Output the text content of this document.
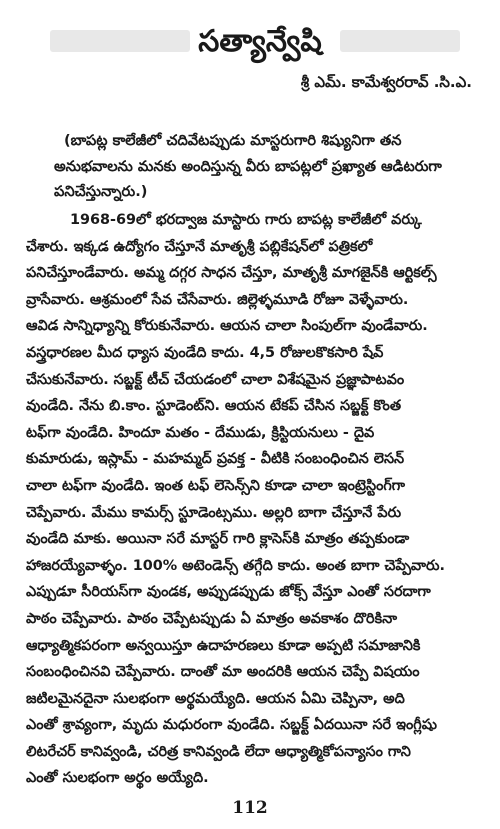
సత్యాన్వేషి
శ్రీ ఎమ్. కామేశ్వరరావ్ .సి.ఎ.

(బాపట్ల కాలేజీలో చదివేటప్పుడు మాస్టరుగారి శిష్యునిగా తన

అనుభవాలను మనకు అందిస్తున్న వీరు బాపట్లలో ప్రఖ్యాత ఆడిటరుగా

పనిచేస్తున్నారు.)

1968-69లో భరద్వాజ మాస్టారు గారు బాపట్ల కాలేజీలో వర్కు
చేశారు. ఇక్కడ ఉద్యోగం చేస్తూనే మాతృశ్రీ పబ్లికేషన్‌లో పత్రికలో
పనిచేస్తూండేవారు. అమ్మ దగ్గర సాధన చేస్తూ, మాతృశ్రీ మాగజైన్‌కి ఆర్టికల్స్
వ్రాసేవారు. ఆశ్రమంలో సేవ చేసేవారు. జిల్లెళ్ళమూడి రోజూ వెళ్ళేవారు.
ఆవిడ సాన్నిధ్యాన్ని కోరుకునేవారు. ఆయన చాలా సింపుల్‌గా వుండేవారు.
వస్త్రధారణల మీద ధ్యాస వుండేది కాదు. 4,5 రోజులకొకసారి షేవ్
చేసుకునేవారు. సబ్జక్ట్ టీచ్ చేయడంలో చాలా విశేషమైన ప్రజ్ఞాపాటవం
వుండేది. నేను బి.కాం. స్టూడెంట్‌ని. ఆయన టేకప్ చేసిన సబ్జక్ట్ కొంత
టఫ్‌గా వుండేది. హిందూ మతం - దేముడు, క్రిస్టియనులు - దైవ
కుమారుడు, ఇస్లామ్ - మహమ్మద్ ప్రవక్త - వీటికి సంబంధించిన లెసన్
చాలా టఫ్‌గా వుండేది. ఇంత టఫ్ లెసెన్స్‌ని కూడా చాలా ఇంట్రెస్టింగ్‌గా
చెప్పేవారు. మేము కామర్స్ స్టూడెంట్సము. అల్లరి బాగా చేస్తూనే పేరు
వుండేది మాకు. అయినా సరే మాస్టర్ గారి క్లాసెస్‌కి మాత్రం తప్పకుండా
హాజరయ్యేవాళ్ళం. 100% అటెండెన్స్ తగ్గేది కాదు. అంత బాగా చెప్పేవారు.
ఎప్పుడూ సీరియస్‌గా వుండక, అప్పుడప్పుడు జోక్స్ వేస్తూ ఎంతో సరదాగా
పాఠం చెప్పేవారు. పాఠం చెప్పేటప్పుడు ఏ మాత్రం అవకాశం దొరికినా
ఆధ్యాత్మికపరంగా అన్వయిస్తూ ఉదాహరణలు కూడా అప్పటి సమాజానికి
సంబంధించినవి చెప్పేవారు. దాంతో మా అందరికి ఆయన చెప్పే విషయం
జటిలమైనదైనా సులభంగా అర్థమయ్యేది. ఆయన ఏమి చెప్పినా, అది
ఎంతో శ్రావ్యంగా, మృదు మధురంగా వుండేది. సబ్జక్ట్ ఏదయినా సరే ఇంగ్లీషు
లిటరేచర్ కానివ్వండి, చరిత్ర కానివ్వండి లేదా ఆధ్యాత్మికోపన్యాసం గాని
ఎంతో సులభంగా అర్థం అయ్యేది.
112
